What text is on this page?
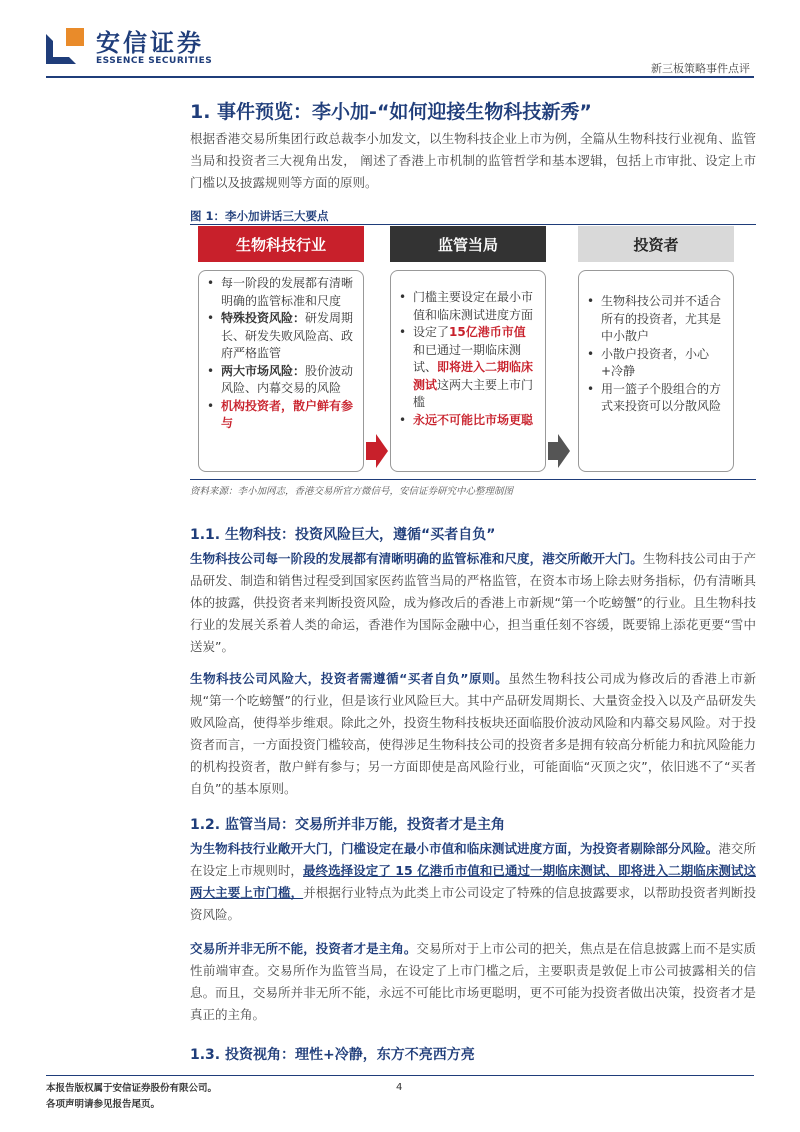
安信证券
ESSENCE SECURITIES
新三板策略事件点评
1. 事件预览：李小加-“如何迎接生物科技新秀”
根据香港交易所集团行政总裁李小加发文，以生物科技企业上市为例，全篇从生物科技行业视角、监管当局和投资者三大视角出发， 阐述了香港上市机制的监管哲学和基本逻辑，包括上市审批、设定上市门槛以及披露规则等方面的原则。
图 1：李小加讲话三大要点
生物科技行业
• 每一阶段的发展都有清晰明确的监管标准和尺度
• 特殊投资风险：研发周期长、研发失败风险高、政府严格监管
• 两大市场风险：股价波动风险、内幕交易的风险
• 机构投资者，散户鲜有参与
监管当局
• 门槛主要设定在最小市值和临床测试进度方面
• 设定了15亿港币市值和已通过一期临床测试、即将进入二期临床测试这两大主要上市门槛
• 永远不可能比市场更聪
投资者
• 生物科技公司并不适合所有的投资者，尤其是中小散户
• 小散户投资者，小心+冷静
• 用一篮子个股组合的方式来投资可以分散风险
资料来源：李小加网志，香港交易所官方微信号，安信证券研究中心整理制图
1.1. 生物科技：投资风险巨大，遵循“买者自负”
生物科技公司每一阶段的发展都有清晰明确的监管标准和尺度，港交所敞开大门。生物科技公司由于产品研发、制造和销售过程受到国家医药监管当局的严格监管，在资本市场上除去财务指标，仍有清晰具体的披露，供投资者来判断投资风险，成为修改后的香港上市新规“第一个吃螃蟹”的行业。且生物科技行业的发展关系着人类的命运，香港作为国际金融中心，担当重任刻不容缓，既要锦上添花更要“雪中送炭”。
生物科技公司风险大，投资者需遵循“买者自负”原则。虽然生物科技公司成为修改后的香港上市新规“第一个吃螃蟹”的行业，但是该行业风险巨大。其中产品研发周期长、大量资金投入以及产品研发失败风险高，使得举步维艰。除此之外，投资生物科技板块还面临股价波动风险和内幕交易风险。对于投资者而言，一方面投资门槛较高，使得涉足生物科技公司的投资者多是拥有较高分析能力和抗风险能力的机构投资者，散户鲜有参与；另一方面即使是高风险行业，可能面临“灭顶之灾”，依旧逃不了“买者自负”的基本原则。
1.2. 监管当局：交易所并非万能，投资者才是主角
为生物科技行业敞开大门，门槛设定在最小市值和临床测试进度方面，为投资者剔除部分风险。港交所在设定上市规则时，最终选择设定了 15 亿港币市值和已通过一期临床测试、即将进入二期临床测试这两大主要上市门槛，并根据行业特点为此类上市公司设定了特殊的信息披露要求，以帮助投资者判断投资风险。
交易所并非无所不能，投资者才是主角。交易所对于上市公司的把关，焦点是在信息披露上而不是实质性前端审查。交易所作为监管当局，在设定了上市门槛之后，主要职责是敦促上市公司披露相关的信息。而且，交易所并非无所不能，永远不可能比市场更聪明，更不可能为投资者做出决策，投资者才是真正的主角。
1.3. 投资视角：理性+冷静，东方不亮西方亮
本报告版权属于安信证券股份有限公司。
各项声明请参见报告尾页。
4
